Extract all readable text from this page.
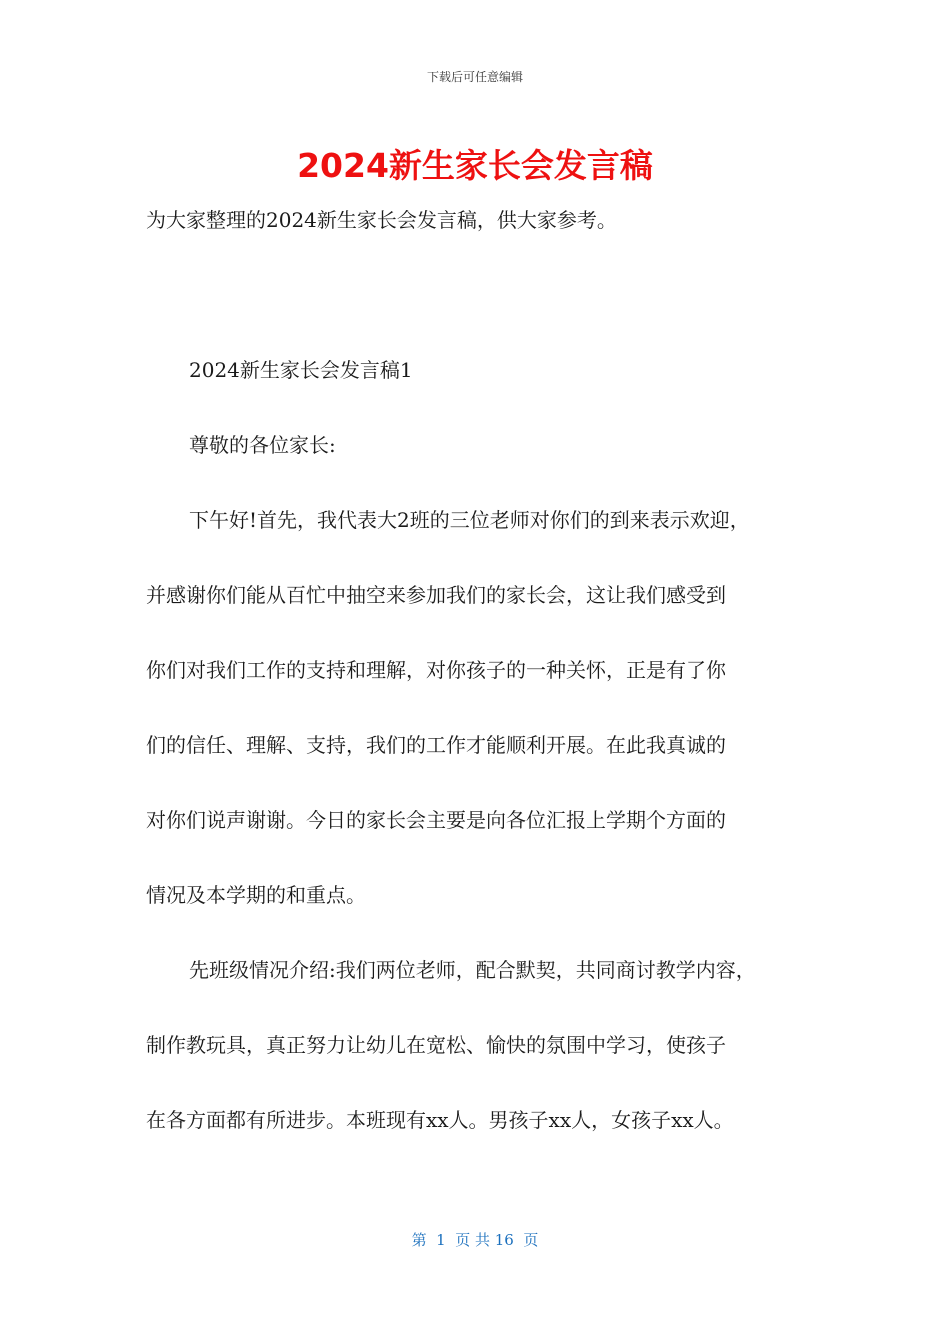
下载后可任意编辑
2024新生家长会发言稿

为大家整理的2024新生家长会发言稿，供大家参考。

2024新生家长会发言稿1

尊敬的各位家长:

下午好!首先，我代表大2班的三位老师对你们的到来表示欢迎，

并感谢你们能从百忙中抽空来参加我们的家长会，这让我们感受到

你们对我们工作的支持和理解，对你孩子的一种关怀，正是有了你

们的信任、理解、支持，我们的工作才能顺利开展。在此我真诚的

对你们说声谢谢。今日的家长会主要是向各位汇报上学期个方面的

情况及本学期的和重点。

先班级情况介绍:我们两位老师，配合默契，共同商讨教学内容，

制作教玩具，真正努力让幼儿在宽松、愉快的氛围中学习，使孩子

在各方面都有所进步。本班现有xx人。男孩子xx人，女孩子xx人。

第  1  页 共 16  页
